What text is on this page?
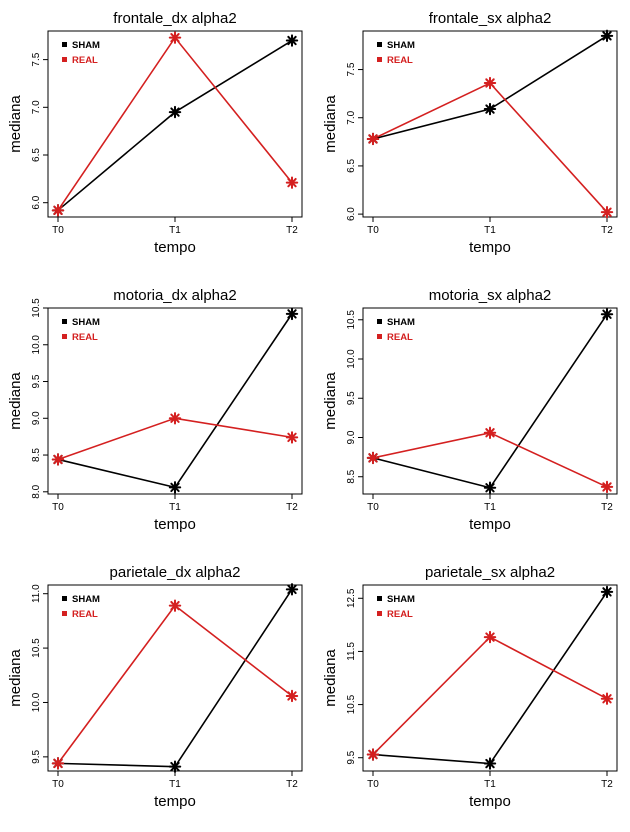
frontale_dx alpha2
6.0
6.5
7.0
7.5
T0	T1	T2
tempo
mediana
SHAM
REAL
frontale_sx alpha2
6.0
6.5
7.0
7.5
T0	T1	T2
tempo
mediana
SHAM
REAL
motoria_dx alpha2
8.0
8.5
9.0
9.5
10.0
10.5
T0	T1	T2
tempo
mediana
SHAM
REAL
motoria_sx alpha2
8.5
9.0
9.5
10.0
10.5
T0	T1	T2
tempo
mediana
SHAM
REAL
parietale_dx alpha2
9.5
10.0
10.5
11.0
T0	T1	T2
tempo
mediana
SHAM
REAL
parietale_sx alpha2
9.5
10.5
11.5
12.5
T0	T1	T2
tempo
mediana
SHAM
REAL
